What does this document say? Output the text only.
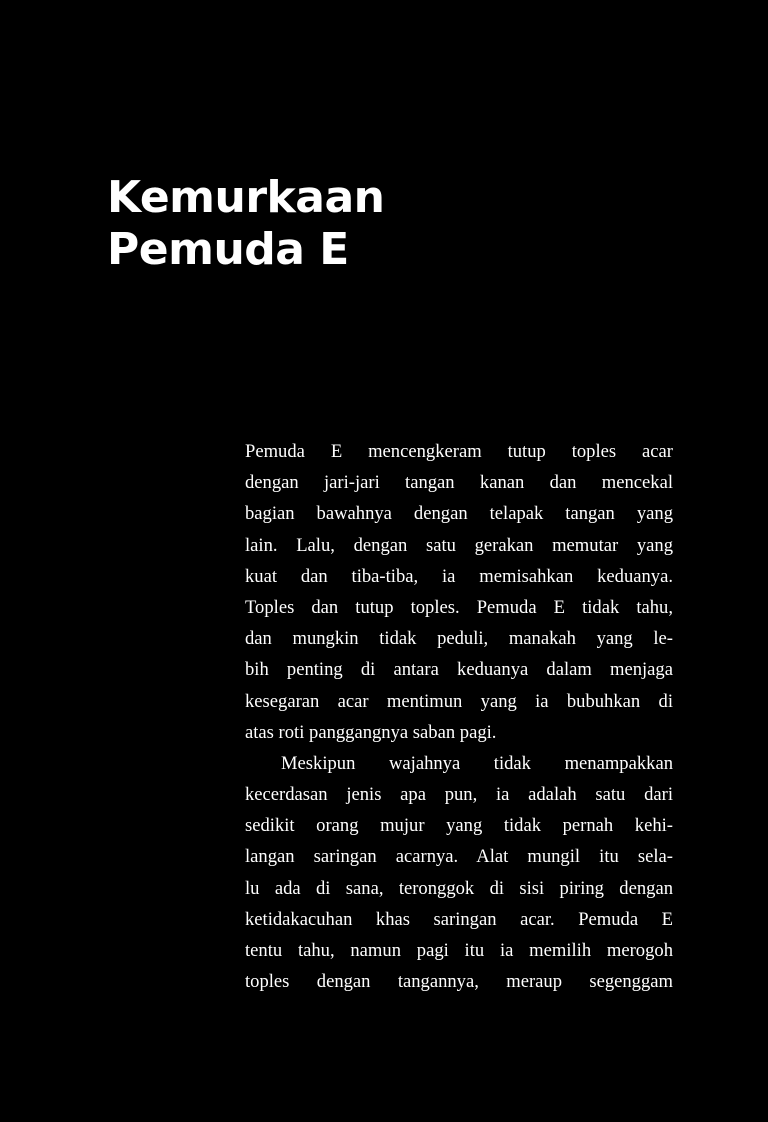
Kemurkaan
Pemuda E
Pemuda E mencengkeram tutup toples acar
dengan jari-jari tangan kanan dan mencekal
bagian bawahnya dengan telapak tangan yang
lain. Lalu, dengan satu gerakan memutar yang
kuat dan tiba-tiba, ia memisahkan keduanya.
Toples dan tutup toples. Pemuda E tidak tahu,
dan mungkin tidak peduli, manakah yang le-
bih penting di antara keduanya dalam menjaga
kesegaran acar mentimun yang ia bubuhkan di
atas roti panggangnya saban pagi.
Meskipun wajahnya tidak menampakkan
kecerdasan jenis apa pun, ia adalah satu dari
sedikit orang mujur yang tidak pernah kehi-
langan saringan acarnya. Alat mungil itu sela-
lu ada di sana, teronggok di sisi piring dengan
ketidakacuhan khas saringan acar. Pemuda E
tentu tahu, namun pagi itu ia memilih merogoh
toples dengan tangannya, meraup segenggam
